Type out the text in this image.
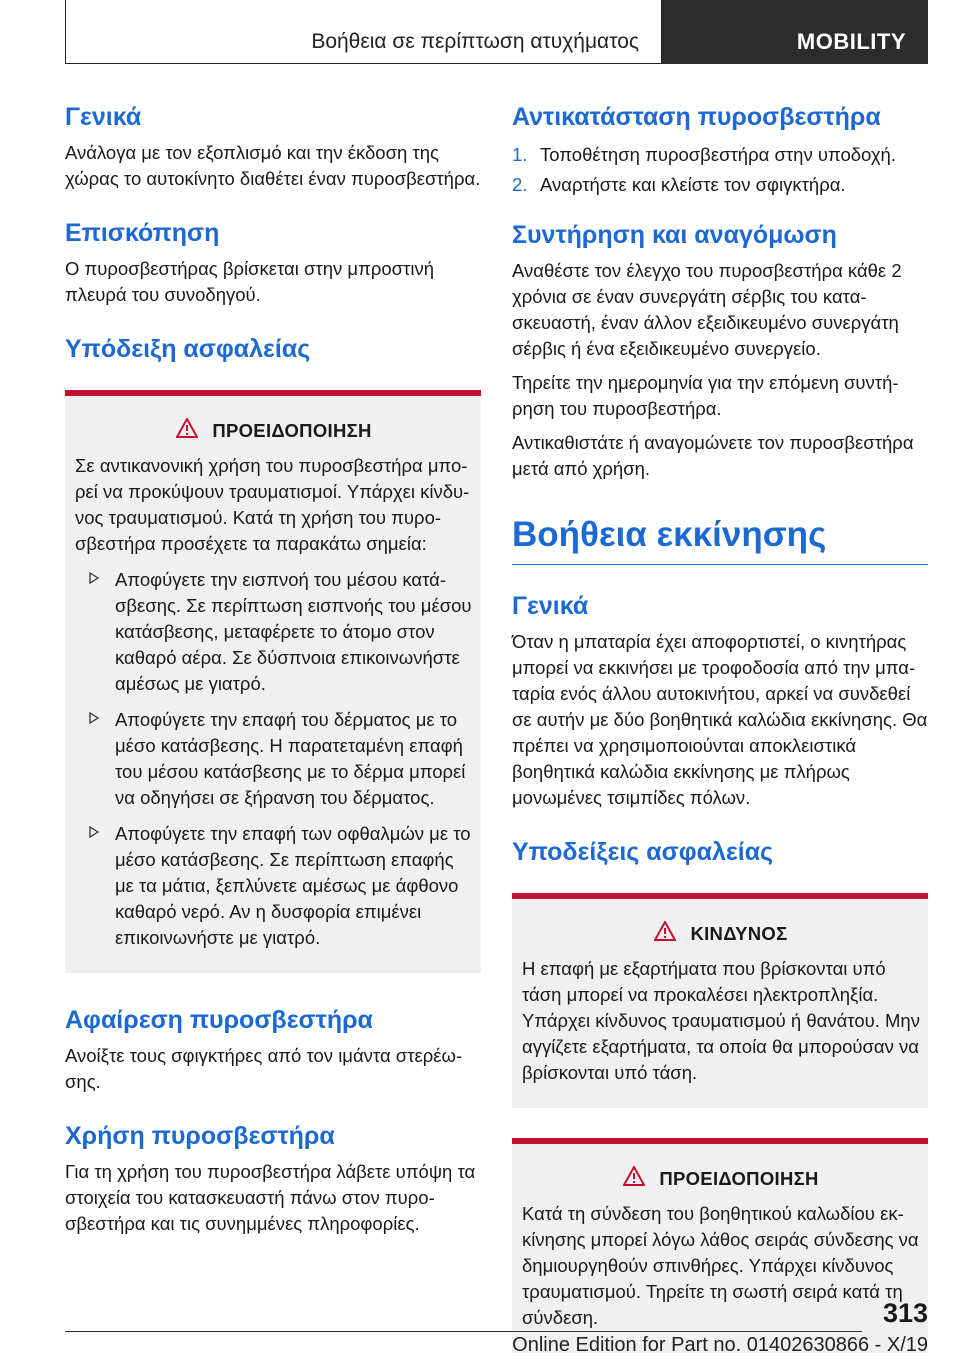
Βοήθεια σε περίπτωση ατυχήματος	MOBILITY
Γενικά

Ανάλογα με τον εξοπλισμό και την έκδοση της χώρας το αυτοκίνητο διαθέτει έναν πυροσβεστήρα.

Επισκόπηση

Ο πυροσβεστήρας βρίσκεται στην μπροστινή πλευρά του συνοδηγού.

Υπόδειξη ασφαλείας
ΠΡΟΕΙΔΟΠΟΙΗΣΗ

Σε αντικανονική χρήση του πυροσβεστήρα μπορεί να προκύψουν τραυματισμοί. Υπάρχει κίνδυνος τραυματισμού. Κατά τη χρήση του πυροσβεστήρα προσέχετε τα παρακάτω σημεία:

Αποφύγετε την εισπνοή του μέσου κατάσβεσης. Σε περίπτωση εισπνοής του μέσου κατάσβεσης, μεταφέρετε το άτομο στον καθαρό αέρα. Σε δύσπνοια επικοινωνήστε αμέσως με γιατρό.

Αποφύγετε την επαφή του δέρματος με το μέσο κατάσβεσης. Η παρατεταμένη επαφή του μέσου κατάσβεσης με το δέρμα μπορεί να οδηγήσει σε ξήρανση του δέρματος.

Αποφύγετε την επαφή των οφθαλμών με το μέσο κατάσβεσης. Σε περίπτωση επαφής με τα μάτια, ξεπλύνετε αμέσως με άφθονο καθαρό νερό. Αν η δυσφορία επιμένει επικοινωνήστε με γιατρό.

Αφαίρεση πυροσβεστήρα

Ανοίξτε τους σφιγκτήρες από τον ιμάντα στερέωσης.

Χρήση πυροσβεστήρα

Για τη χρήση του πυροσβεστήρα λάβετε υπόψη τα στοιχεία του κατασκευαστή πάνω στον πυροσβεστήρα και τις συνημμένες πληροφορίες.

Αντικατάσταση πυροσβεστήρα
1. Τοποθέτηση πυροσβεστήρα στην υποδοχή.
2. Αναρτήστε και κλείστε τον σφιγκτήρα.
Συντήρηση και αναγόμωση

Αναθέστε τον έλεγχο του πυροσβεστήρα κάθε 2 χρόνια σε έναν συνεργάτη σέρβις του κατασκευαστή, έναν άλλον εξειδικευμένο συνεργάτη σέρβις ή ένα εξειδικευμένο συνεργείο.

Τηρείτε την ημερομηνία για την επόμενη συντήρηση του πυροσβεστήρα.

Αντικαθιστάτε ή αναγομώνετε τον πυροσβεστήρα μετά από χρήση.

Βοήθεια εκκίνησης
Γενικά

Όταν η μπαταρία έχει αποφορτιστεί, ο κινητήρας μπορεί να εκκινήσει με τροφοδοσία από την μπαταρία ενός άλλου αυτοκινήτου, αρκεί να συνδεθεί σε αυτήν με δύο βοηθητικά καλώδια εκκίνησης. Θα πρέπει να χρησιμοποιούνται αποκλειστικά βοηθητικά καλώδια εκκίνησης με πλήρως μονωμένες τσιμπίδες πόλων.

Υποδείξεις ασφαλείας
ΚΙΝΔΥΝΟΣ

Η επαφή με εξαρτήματα που βρίσκονται υπό τάση μπορεί να προκαλέσει ηλεκτροπληξία. Υπάρχει κίνδυνος τραυματισμού ή θανάτου. Μην αγγίζετε εξαρτήματα, τα οποία θα μπορούσαν να βρίσκονται υπό τάση.

ΠΡΟΕΙΔΟΠΟΙΗΣΗ

Κατά τη σύνδεση του βοηθητικού καλωδίου εκκίνησης μπορεί λόγω λάθος σειράς σύνδεσης να δημιουργηθούν σπινθήρες. Υπάρχει κίνδυνος τραυματισμού. Τηρείτε τη σωστή σειρά κατά τη σύνδεση.	313
Online Edition for Part no. 01402630866 - X/19
